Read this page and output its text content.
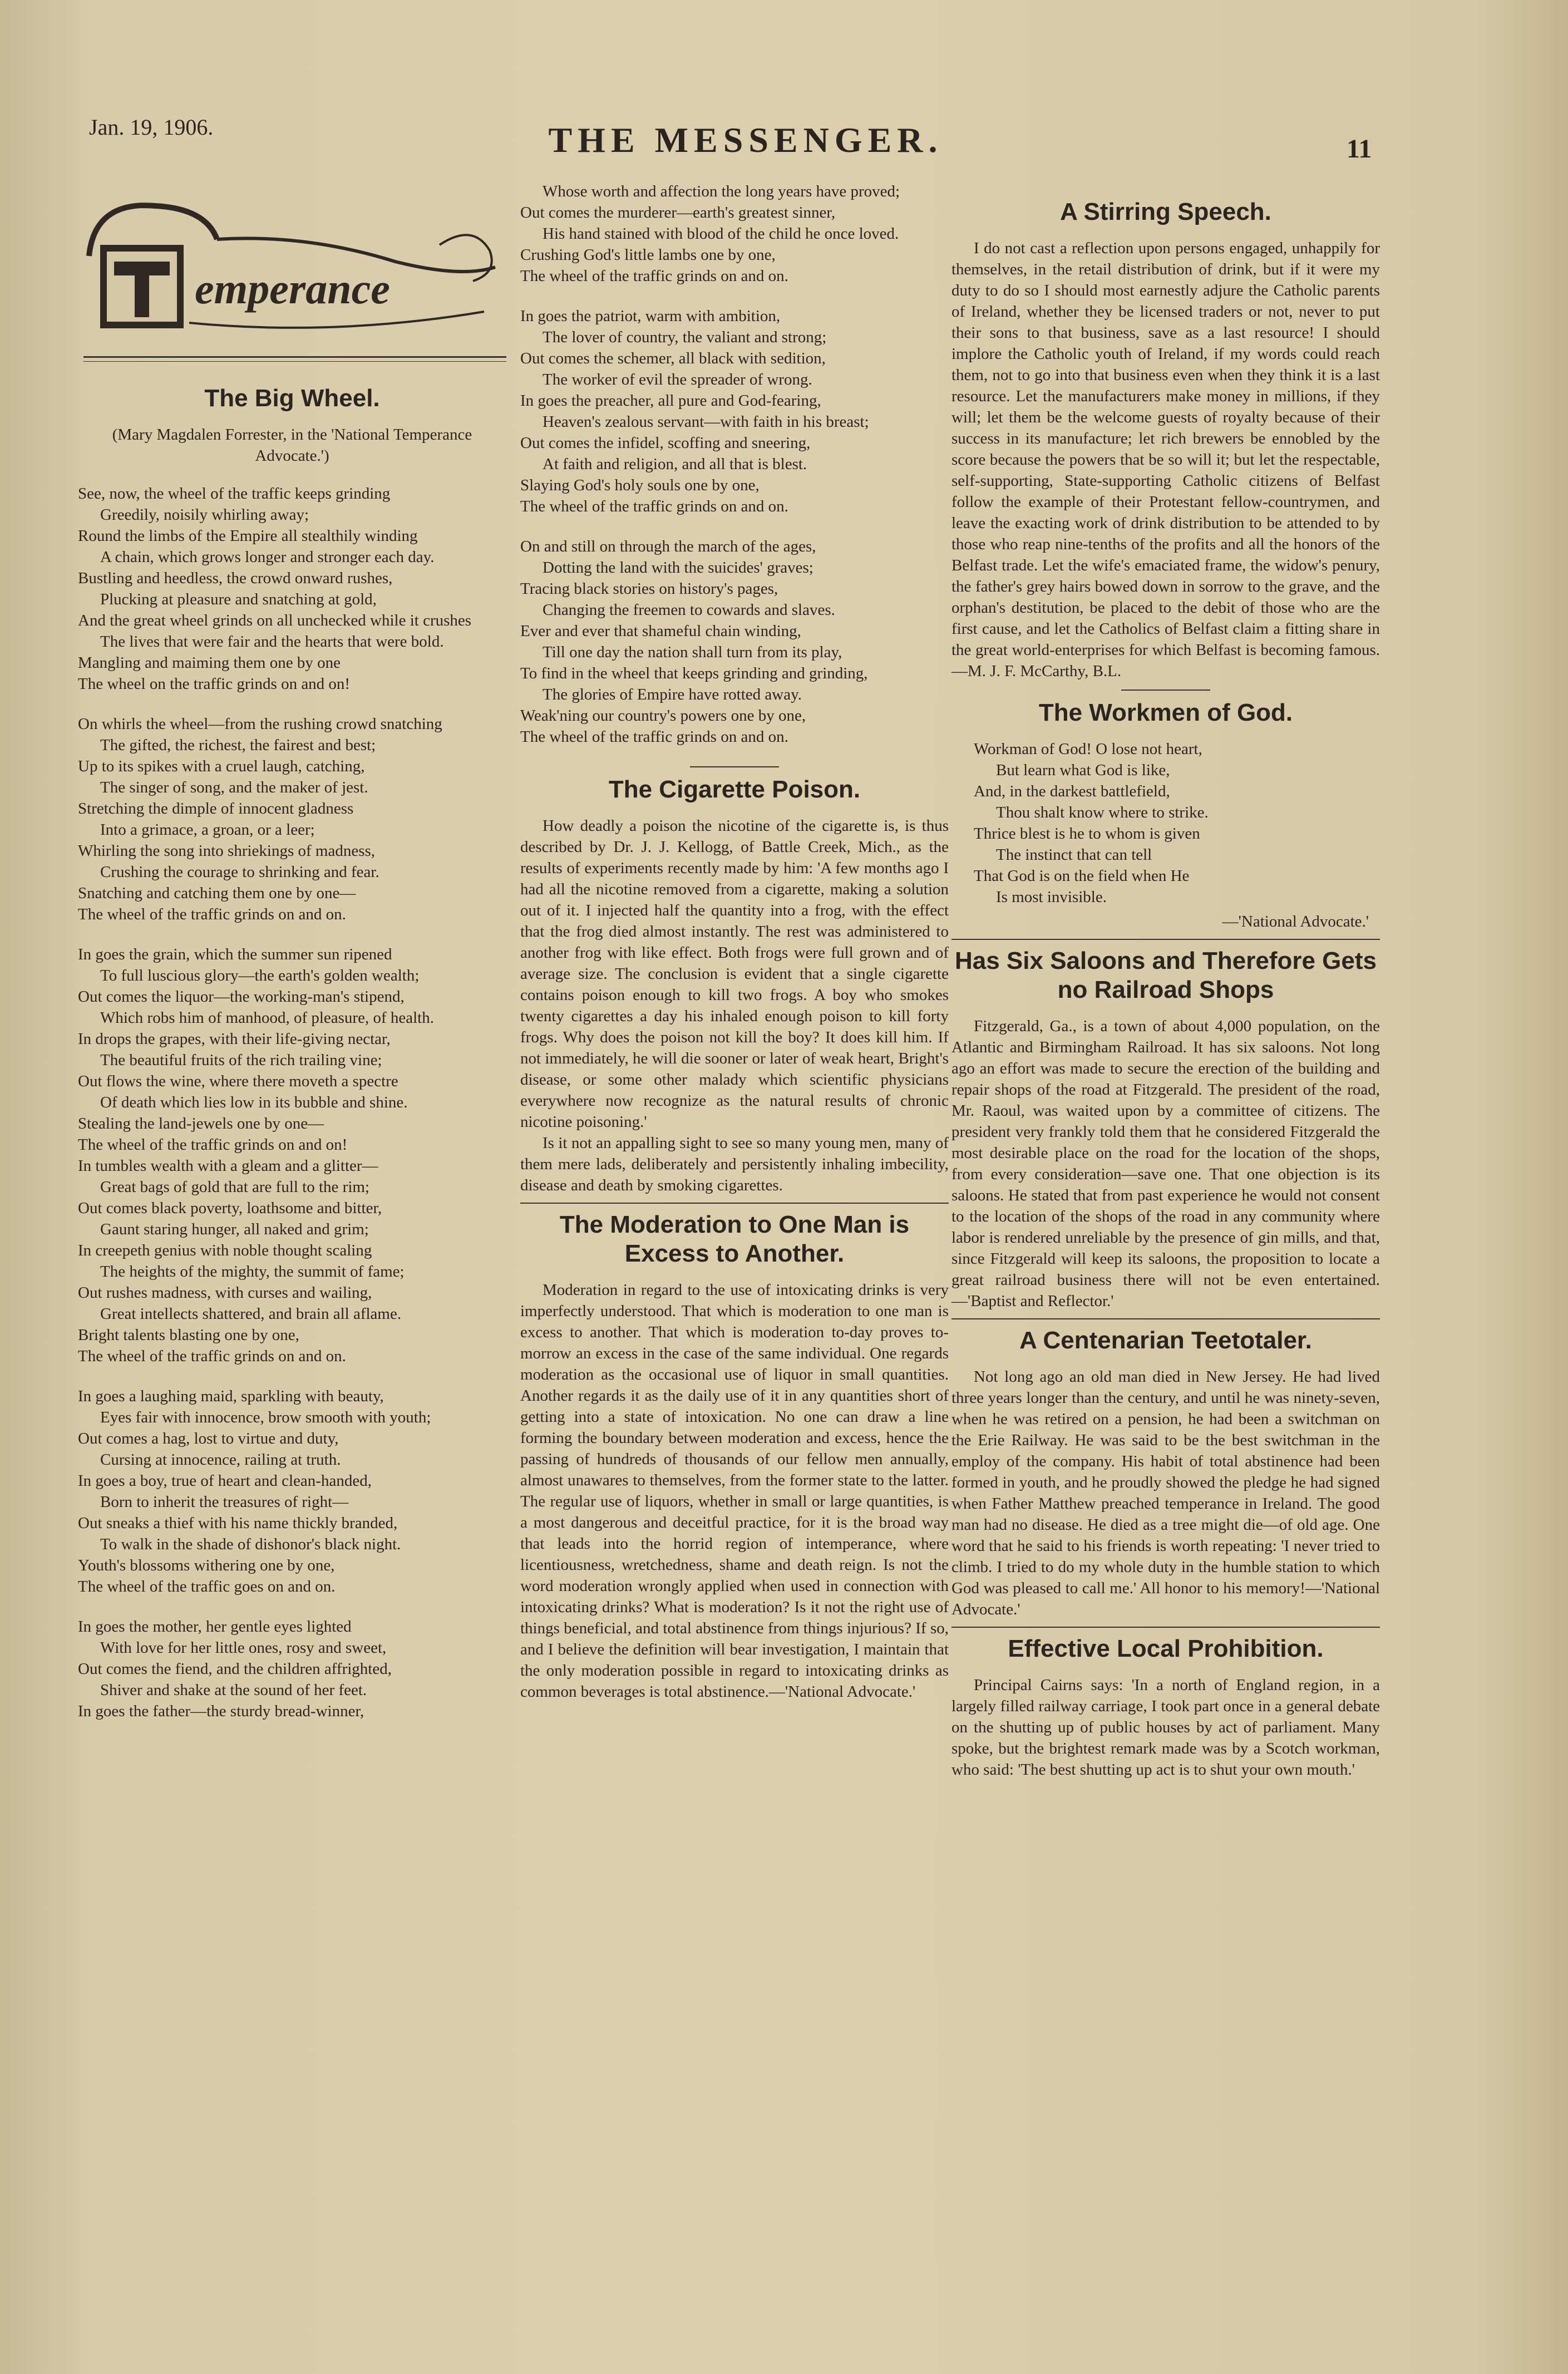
Jan. 19, 1906.	THE MESSENGER.	11
emperance
The Big Wheel.

(Mary Magdalen Forrester, in the 'National Temperance Advocate.')

See, now, the wheel of the traffic keeps grinding

Greedily, noisily whirling away;

Round the limbs of the Empire all stealthily winding

A chain, which grows longer and stronger each day.

Bustling and heedless, the crowd onward rushes,

Plucking at pleasure and snatching at gold,

And the great wheel grinds on all unchecked while it crushes

The lives that were fair and the hearts that were bold.

Mangling and maiming them one by one

The wheel on the traffic grinds on and on!

On whirls the wheel—from the rushing crowd snatching

The gifted, the richest, the fairest and best;

Up to its spikes with a cruel laugh, catching,

The singer of song, and the maker of jest.

Stretching the dimple of innocent gladness

Into a grimace, a groan, or a leer;

Whirling the song into shriekings of madness,

Crushing the courage to shrinking and fear.

Snatching and catching them one by one—

The wheel of the traffic grinds on and on.

In goes the grain, which the summer sun ripened

To full luscious glory—the earth's golden wealth;

Out comes the liquor—the working-man's stipend,

Which robs him of manhood, of pleasure, of health.

In drops the grapes, with their life-giving nectar,

The beautiful fruits of the rich trailing vine;

Out flows the wine, where there moveth a spectre

Of death which lies low in its bubble and shine.

Stealing the land-jewels one by one—

The wheel of the traffic grinds on and on!

In tumbles wealth with a gleam and a glitter—

Great bags of gold that are full to the rim;

Out comes black poverty, loathsome and bitter,

Gaunt staring hunger, all naked and grim;

In creepeth genius with noble thought scaling

The heights of the mighty, the summit of fame;

Out rushes madness, with curses and wailing,

Great intellects shattered, and brain all aflame.

Bright talents blasting one by one,

The wheel of the traffic grinds on and on.

In goes a laughing maid, sparkling with beauty,

Eyes fair with innocence, brow smooth with youth;

Out comes a hag, lost to virtue and duty,

Cursing at innocence, railing at truth.

In goes a boy, true of heart and clean-handed,

Born to inherit the treasures of right—

Out sneaks a thief with his name thickly branded,

To walk in the shade of dishonor's black night.

Youth's blossoms withering one by one,

The wheel of the traffic goes on and on.

In goes the mother, her gentle eyes lighted

With love for her little ones, rosy and sweet,

Out comes the fiend, and the children affrighted,

Shiver and shake at the sound of her feet.

In goes the father—the sturdy bread-winner,

Whose worth and affection the long years have proved;

Out comes the murderer—earth's greatest sinner,

His hand stained with blood of the child he once loved.

Crushing God's little lambs one by one,

The wheel of the traffic grinds on and on.

In goes the patriot, warm with ambition,

The lover of country, the valiant and strong;

Out comes the schemer, all black with sedition,

The worker of evil the spreader of wrong.

In goes the preacher, all pure and God-fearing,

Heaven's zealous servant—with faith in his breast;

Out comes the infidel, scoffing and sneering,

At faith and religion, and all that is blest.

Slaying God's holy souls one by one,

The wheel of the traffic grinds on and on.

On and still on through the march of the ages,

Dotting the land with the suicides' graves;

Tracing black stories on history's pages,

Changing the freemen to cowards and slaves.

Ever and ever that shameful chain winding,

Till one day the nation shall turn from its play,

To find in the wheel that keeps grinding and grinding,

The glories of Empire have rotted away.

Weak'ning our country's powers one by one,

The wheel of the traffic grinds on and on.

The Cigarette Poison.

How deadly a poison the nicotine of the cigarette is, is thus described by Dr. J. J. Kellogg, of Battle Creek, Mich., as the results of experiments recently made by him: 'A few months ago I had all the nicotine removed from a cigarette, making a solution out of it. I injected half the quantity into a frog, with the effect that the frog died almost instantly. The rest was administered to another frog with like effect. Both frogs were full grown and of average size. The conclusion is evident that a single cigarette contains poison enough to kill two frogs. A boy who smokes twenty cigarettes a day his inhaled enough poison to kill forty frogs. Why does the poison not kill the boy? It does kill him. If not immediately, he will die sooner or later of weak heart, Bright's disease, or some other malady which scientific physicians everywhere now recognize as the natural results of chronic nicotine poisoning.'

Is it not an appalling sight to see so many young men, many of them mere lads, deliberately and persistently inhaling imbecility, disease and death by smoking cigarettes.

The Moderation to One Man is Excess to Another.

Moderation in regard to the use of intoxicating drinks is very imperfectly understood. That which is moderation to one man is excess to another. That which is moderation to-day proves to-morrow an excess in the case of the same individual. One regards moderation as the occasional use of liquor in small quantities. Another regards it as the daily use of it in any quantities short of getting into a state of intoxication. No one can draw a line forming the boundary between moderation and excess, hence the passing of hundreds of thousands of our fellow men annually, almost unawares to themselves, from the former state to the latter. The regular use of liquors, whether in small or large quantities, is a most dangerous and deceitful practice, for it is the broad way that leads into the horrid region of intemperance, where licentiousness, wretchedness, shame and death reign. Is not the word moderation wrongly applied when used in connection with intoxicating drinks? What is moderation? Is it not the right use of things beneficial, and total abstinence from things injurious? If so, and I believe the definition will bear investigation, I maintain that the only moderation possible in regard to intoxicating drinks as common beverages is total abstinence.—'National Advocate.'

A Stirring Speech.

I do not cast a reflection upon persons engaged, unhappily for themselves, in the retail distribution of drink, but if it were my duty to do so I should most earnestly adjure the Catholic parents of Ireland, whether they be licensed traders or not, never to put their sons to that business, save as a last resource! I should implore the Catholic youth of Ireland, if my words could reach them, not to go into that business even when they think it is a last resource. Let the manufacturers make money in millions, if they will; let them be the welcome guests of royalty because of their success in its manufacture; let rich brewers be ennobled by the score because the powers that be so will it; but let the respectable, self-supporting, State-supporting Catholic citizens of Belfast follow the example of their Protestant fellow-countrymen, and leave the exacting work of drink distribution to be attended to by those who reap nine-tenths of the profits and all the honors of the Belfast trade. Let the wife's emaciated frame, the widow's penury, the father's grey hairs bowed down in sorrow to the grave, and the orphan's destitution, be placed to the debit of those who are the first cause, and let the Catholics of Belfast claim a fitting share in the great world-enterprises for which Belfast is becoming famous.—M. J. F. McCarthy, B.L.

The Workmen of God.

Workman of God! O lose not heart,

But learn what God is like,

And, in the darkest battlefield,

Thou shalt know where to strike.

Thrice blest is he to whom is given

The instinct that can tell

That God is on the field when He

Is most invisible.

—'National Advocate.'

Has Six Saloons and Therefore Gets no Railroad Shops

Fitzgerald, Ga., is a town of about 4,000 population, on the Atlantic and Birmingham Railroad. It has six saloons. Not long ago an effort was made to secure the erection of the building and repair shops of the road at Fitzgerald. The president of the road, Mr. Raoul, was waited upon by a committee of citizens. The president very frankly told them that he considered Fitzgerald the most desirable place on the road for the location of the shops, from every consideration—save one. That one objection is its saloons. He stated that from past experience he would not consent to the location of the shops of the road in any community where labor is rendered unreliable by the presence of gin mills, and that, since Fitzgerald will keep its saloons, the proposition to locate a great railroad business there will not be even entertained.—'Baptist and Reflector.'

A Centenarian Teetotaler.

Not long ago an old man died in New Jersey. He had lived three years longer than the century, and until he was ninety-seven, when he was retired on a pension, he had been a switchman on the Erie Railway. He was said to be the best switchman in the employ of the company. His habit of total abstinence had been formed in youth, and he proudly showed the pledge he had signed when Father Matthew preached temperance in Ireland. The good man had no disease. He died as a tree might die—of old age. One word that he said to his friends is worth repeating: 'I never tried to climb. I tried to do my whole duty in the humble station to which God was pleased to call me.' All honor to his memory!—'National Advocate.'

Effective Local Prohibition.

Principal Cairns says: 'In a north of England region, in a largely filled railway carriage, I took part once in a general debate on the shutting up of public houses by act of parliament. Many spoke, but the brightest remark made was by a Scotch workman, who said: 'The best shutting up act is to shut your own mouth.'
